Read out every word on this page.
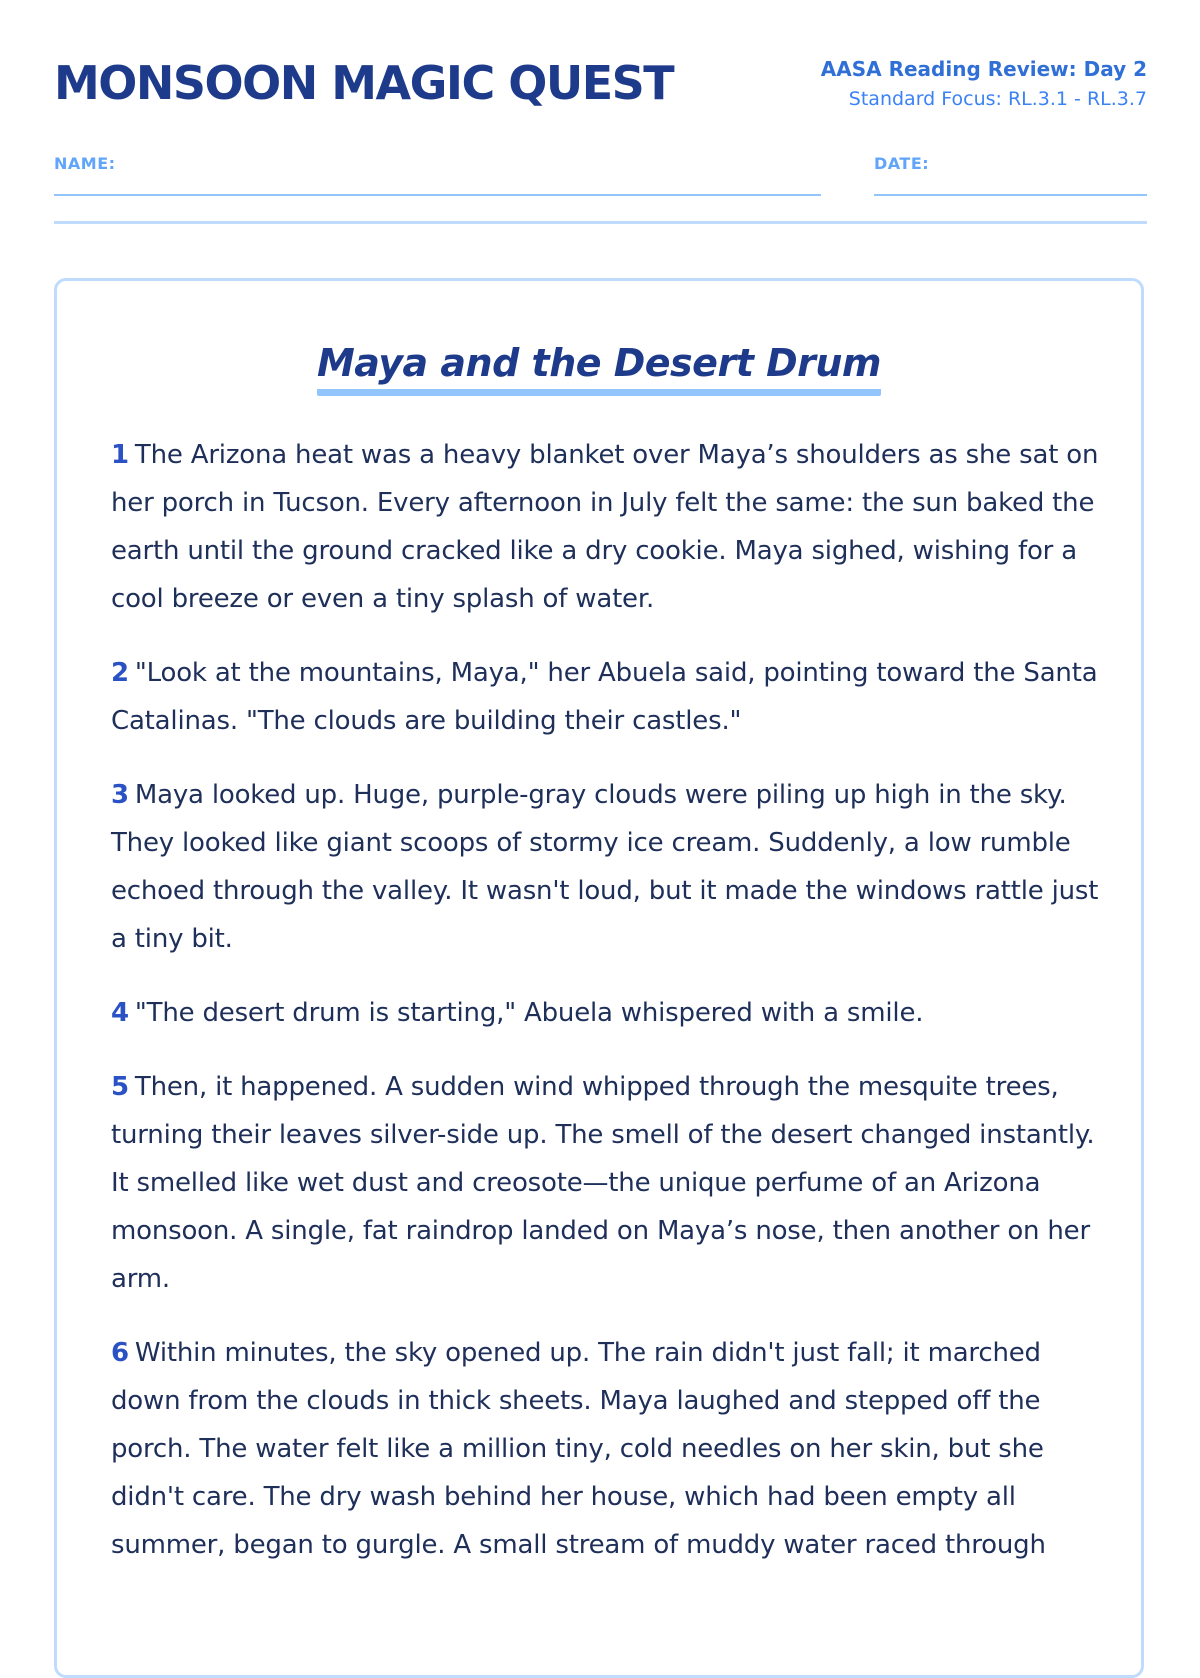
MONSOON MAGIC QUEST	AASA Reading Review: Day 2
Standard Focus: RL.3.1 - RL.3.7
NAME:	DATE:
Maya and the Desert Drum

1 The Arizona heat was a heavy blanket over Maya’s shoulders as she sat on her porch in Tucson. Every afternoon in July felt the same: the sun baked the earth until the ground cracked like a dry cookie. Maya sighed, wishing for a cool breeze or even a tiny splash of water.

2 "Look at the mountains, Maya," her Abuela said, pointing toward the Santa Catalinas. "The clouds are building their castles."

3 Maya looked up. Huge, purple-gray clouds were piling up high in the sky. They looked like giant scoops of stormy ice cream. Suddenly, a low rumble echoed through the valley. It wasn't loud, but it made the windows rattle just a tiny bit.

4 "The desert drum is starting," Abuela whispered with a smile.

5 Then, it happened. A sudden wind whipped through the mesquite trees, turning their leaves silver-side up. The smell of the desert changed instantly. It smelled like wet dust and creosote—the unique perfume of an Arizona monsoon. A single, fat raindrop landed on Maya’s nose, then another on her arm.

6 Within minutes, the sky opened up. The rain didn't just fall; it marched down from the clouds in thick sheets. Maya laughed and stepped off the porch. The water felt like a million tiny, cold needles on her skin, but she didn't care. The dry wash behind her house, which had been empty all summer, began to gurgle. A small stream of muddy water raced through
